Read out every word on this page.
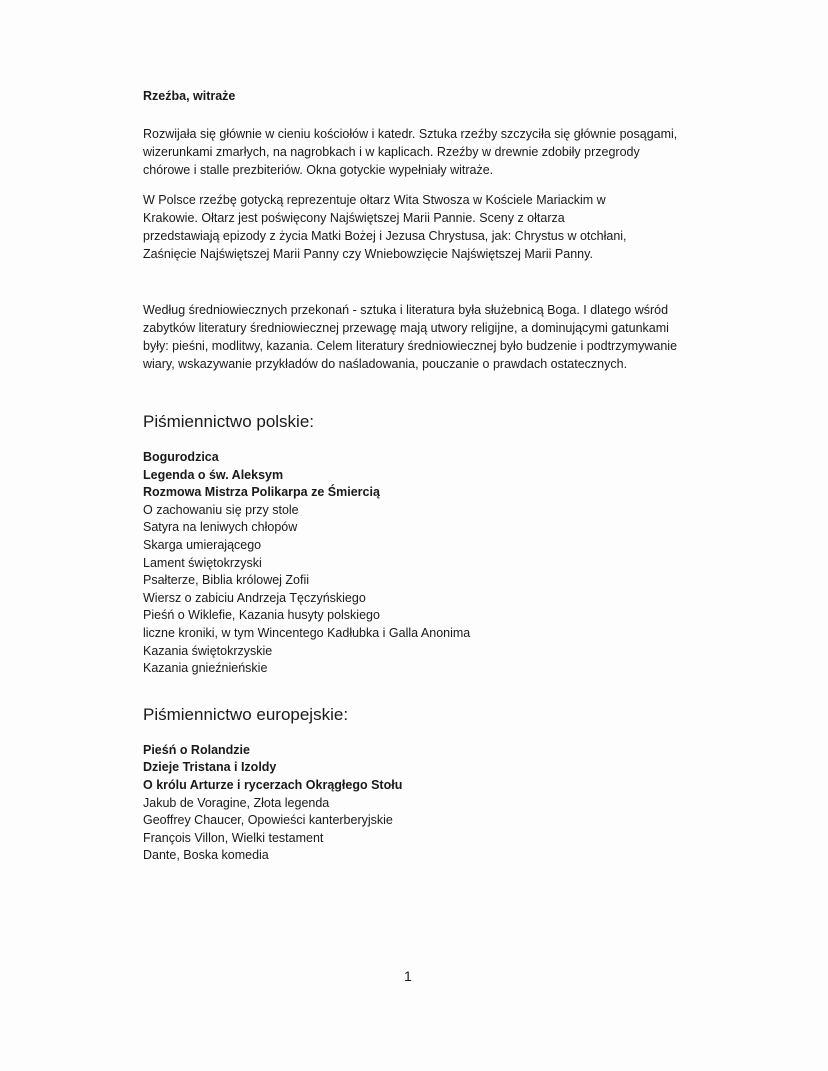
Rzeźba, witraże

Rozwijała się głównie w cieniu kościołów i katedr. Sztuka rzeźby szczyciła się głównie posągami, wizerunkami zmarłych, na nagrobkach i w kaplicach. Rzeźby w drewnie zdobiły przegrody chórowe i stalle prezbiteriów. Okna gotyckie wypełniały witraże.

W Polsce rzeźbę gotycką reprezentuje ołtarz Wita Stwosza w Kościele Mariackim w Krakowie. Ołtarz jest poświęcony Najświętszej Marii Pannie. Sceny z ołtarza przedstawiają epizody z życia Matki Bożej i Jezusa Chrystusa, jak: Chrystus w otchłani, Zaśnięcie Najświętszej Marii Panny czy Wniebowzięcie Najświętszej Marii Panny.

Według średniowiecznych przekonań - sztuka i literatura była służebnicą Boga. I dlatego wśród zabytków literatury średniowiecznej przewagę mają utwory religijne, a dominującymi gatunkami były: pieśni, modlitwy, kazania. Celem literatury średniowiecznej było budzenie i podtrzymywanie wiary, wskazywanie przykładów do naśladowania, pouczanie o prawdach ostatecznych.

Piśmiennictwo polskie:
Bogurodzica
Legenda o św. Aleksym
Rozmowa Mistrza Polikarpa ze Śmiercią
O zachowaniu się przy stole
Satyra na leniwych chłopów
Skarga umierającego
Lament świętokrzyski
Psałterze, Biblia królowej Zofii
Wiersz o zabiciu Andrzeja Tęczyńskiego
Pieśń o Wiklefie, Kazania husyty polskiego
liczne kroniki, w tym Wincentego Kadłubka i Galla Anonima
Kazania świętokrzyskie
Kazania gnieźnieńskie
Piśmiennictwo europejskie:
Pieśń o Rolandzie
Dzieje Tristana i Izoldy
O królu Arturze i rycerzach Okrągłego Stołu
Jakub de Voragine, Złota legenda
Geoffrey Chaucer, Opowieści kanterberyjskie
François Villon, Wielki testament
Dante, Boska komedia
1
